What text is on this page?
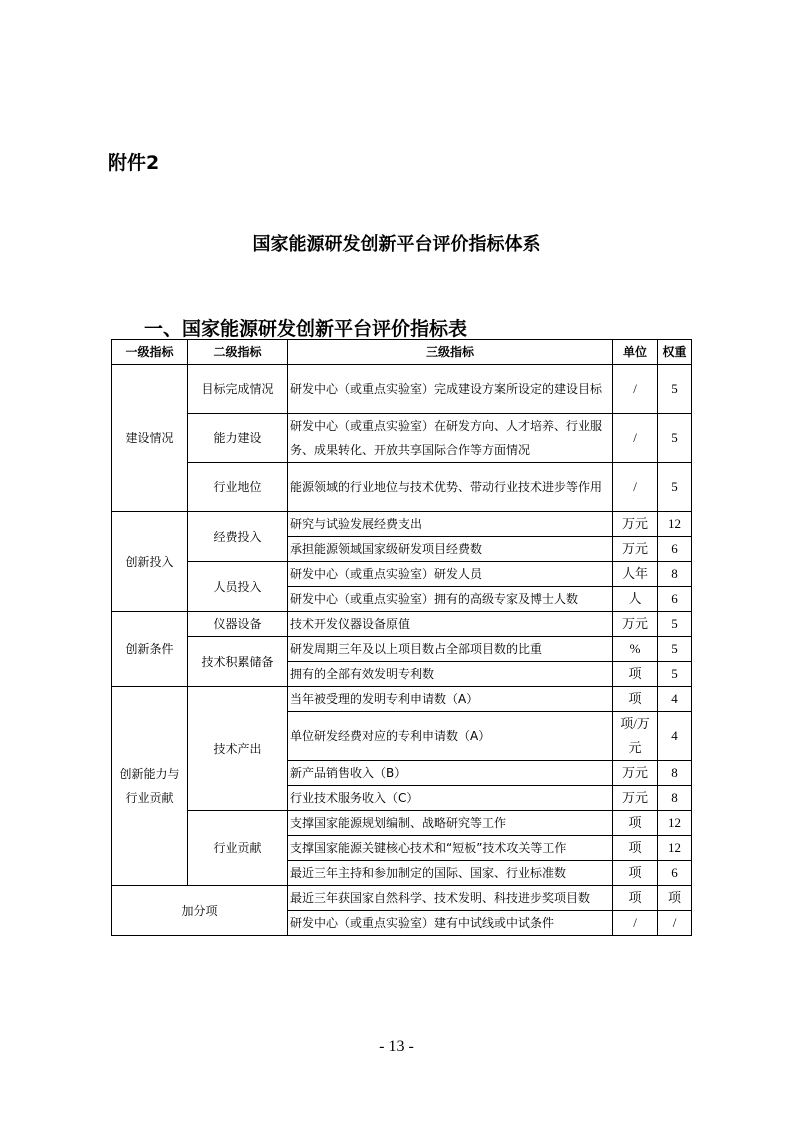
附件2
国家能源研发创新平台评价指标体系
一、国家能源研发创新平台评价指标表
一级指标	二级指标	三级指标	单位	权重
建设情况	目标完成情况	研发中心（或重点实验室）完成建设方案所设定的建设目标	/	5
	能力建设	研发中心（或重点实验室）在研发方向、人才培养、行业服务、成果转化、开放共享国际合作等方面情况	/	5
	行业地位	能源领域的行业地位与技术优势、带动行业技术进步等作用	/	5
创新投入	经费投入	研究与试验发展经费支出	万元	12
		承担能源领域国家级研发项目经费数	万元	6
	人员投入	研发中心（或重点实验室）研发人员	人年	8
		研发中心（或重点实验室）拥有的高级专家及博士人数	人	6
创新条件	仪器设备	技术开发仪器设备原值	万元	5
	技术积累储备	研发周期三年及以上项目数占全部项目数的比重	%	5
		拥有的全部有效发明专利数	项	5
创新能力与行业贡献	技术产出	当年被受理的发明专利申请数（A）	项	4
		单位研发经费对应的专利申请数（A）	项/万元	4
		新产品销售收入（B）	万元	8
		行业技术服务收入（C）	万元	8
	行业贡献	支撑国家能源规划编制、战略研究等工作	项	12
		支撑国家能源关键核心技术和“短板”技术攻关等工作	项	12
		最近三年主持和参加制定的国际、国家、行业标准数	项	6
加分项		最近三年获国家自然科学、技术发明、科技进步奖项目数	项	项
		研发中心（或重点实验室）建有中试线或中试条件	/	/
- 13 -
